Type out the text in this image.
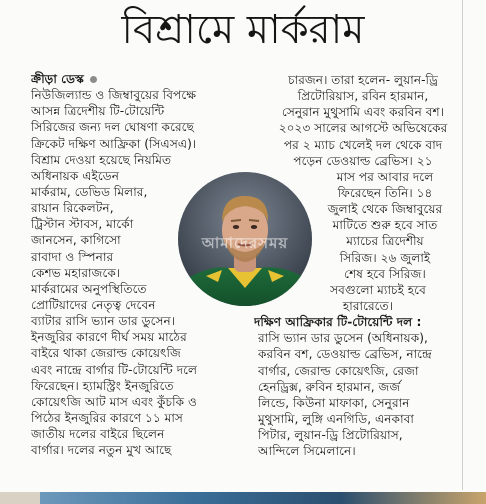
বিশ্রামে মার্করাম
ক্রীড়া ডেস্ক
নিউজিল্যান্ড ও জিম্বাবুয়ের বিপক্ষে
আসন্ন ত্রিদেশীয় টি-টোয়েন্টি
সিরিজের জন্য দল ঘোষণা করেছে
ক্রিকেট দক্ষিণ আফ্রিকা (সিএসএ)।
বিশ্রাম দেওয়া হয়েছে নিয়মিত
অধিনায়ক এইডেন
মার্করাম, ডেভিড মিলার,
রায়ান রিকেলটন,
ট্রিস্টান স্টাবস, মার্কো
জানসেন, কাগিসো
রাবাদা ও স্পিনার
কেশভ মহারাজকে।
মার্করামের অনুপস্থিতিতে
প্রোটিয়াদের নেতৃত্ব দেবেন
ব্যাটার রাসি ভ্যান ডার ডুসেন।
ইনজুরির কারণে দীর্ঘ সময় মাঠের
বাইরে থাকা জেরাল্ড কোয়েৎজি
এবং নান্দ্রে বার্গার টি-টোয়েন্টি দলে
ফিরেছেন। হ্যামস্ট্রিং ইনজুরিতে
কোয়েৎজি আট মাস এবং কুঁচকি ও
পিঠের ইনজুরির কারণে ১১ মাস
জাতীয় দলের বাইরে ছিলেন
বার্গার। দলের নতুন মুখ আছে
চারজন। তারা হলেন- লুয়ান-ড্রি
প্রিটোরিয়াস, রবিন হারমান,
সেনুরান মুথুসামি এবং করবিন বশ।
২০২৩ সালের আগস্টে অভিষেকের
পর ২ ম্যাচ খেলেই দল থেকে বাদ
পড়েন ডেওয়াল্ড ব্রেভিস। ২১
মাস পর আবার দলে
ফিরেছেন তিনি। ১৪
জুলাই থেকে জিম্বাবুয়ের
মাটিতে শুরু হবে সাত
ম্যাচের ত্রিদেশীয়
সিরিজ। ২৬ জুলাই
শেষ হবে সিরিজ।
সবগুলো ম্যাচই হবে
হারারেতে।
দক্ষিণ আফ্রিকার টি-টোয়েন্টি দল :
রাসি ভ্যান ডার ডুসেন (অধিনায়ক),
করবিন বশ, ডেওয়াল্ড ব্রেভিস, নান্দ্রে
বার্গার, জেরাল্ড কোয়েৎজি, রেজা
হেনড্রিক্স, রুবিন হারমান, জর্জ
লিন্ডে, কিউনা মাফাকা, সেনুরান
মুথুসামি, লুঙ্গি এনগিডি, এনকাবা
পিটার, লুয়ান-ড্রি প্রিটোরিয়াস,
আন্দিলে সিমেলানে।
আমাদেরসময়
